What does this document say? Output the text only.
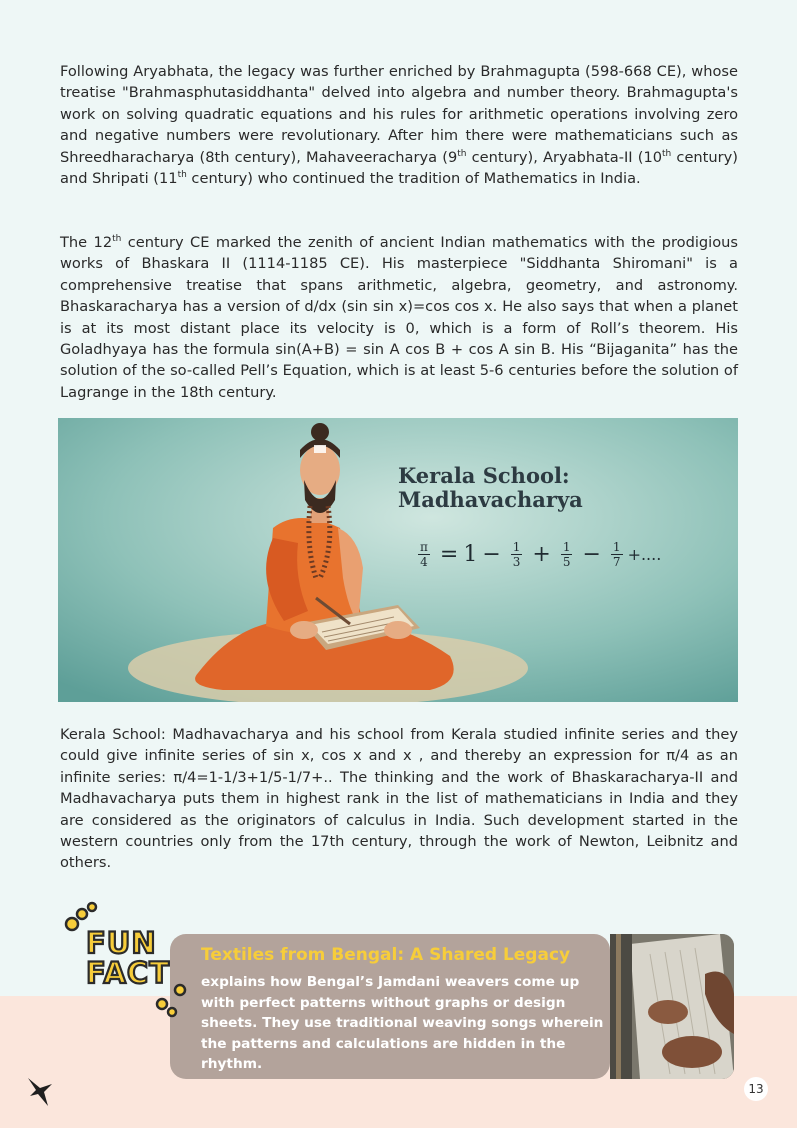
Following Aryabhata, the legacy was further enriched by Brahmagupta (598-668 CE), whose treatise "Brahmasphutasiddhanta" delved into algebra and number theory. Brahmagupta's work on solving quadratic equations and his rules for arithmetic operations involving zero and negative numbers were revolutionary. After him there were mathematicians such as Shreedharacharya (8th century), Mahaveeracharya (9th century), Aryabhata-II (10th century) and Shripati (11th century) who continued the tradition of Mathematics in India.

The 12th century CE marked the zenith of ancient Indian mathematics with the prodigious works of Bhaskara II (1114-1185 CE). His masterpiece "Siddhanta Shiromani" is a comprehensive treatise that spans arithmetic, algebra, geometry, and astronomy. Bhaskaracharya has a version of d/dx (sin sin x)=cos cos x. He also says that when a planet is at its most distant place its velocity is 0, which is a form of Roll’s theorem. His Goladhyaya has the formula sin(A+B) = sin A cos B + cos A sin B. His “Bijaganita” has the solution of the so-called Pell’s Equation, which is at least 5-6 centuries before the solution of Lagrange in the 18th century.

Kerala School:

Madhavacharya

$\frac{\pi}{4} = 1 - \frac{1}{3} + \frac{1}{5} - \frac{1}{7}$ +....

Kerala School: Madhavacharya and his school from Kerala studied infinite series and they could give infinite series of sin x, cos x and x , and thereby an expression for π/4 as an infinite series: π/4=1-1/3+1/5-1/7+.. The thinking and the work of Bhaskaracharya-II and Madhavacharya puts them in highest rank in the list of mathematicians in India and they are considered as the originators of calculus in India. Such development started in the western countries only from the 17th century, through the work of Newton, Leibnitz and others.

FUN
FACT

Textiles from Bengal: A Shared Legacy

explains how Bengal’s Jamdani weavers come up with perfect patterns without graphs or design sheets. They use traditional weaving songs wherein the patterns and calculations are hidden in the rhythm.

13
